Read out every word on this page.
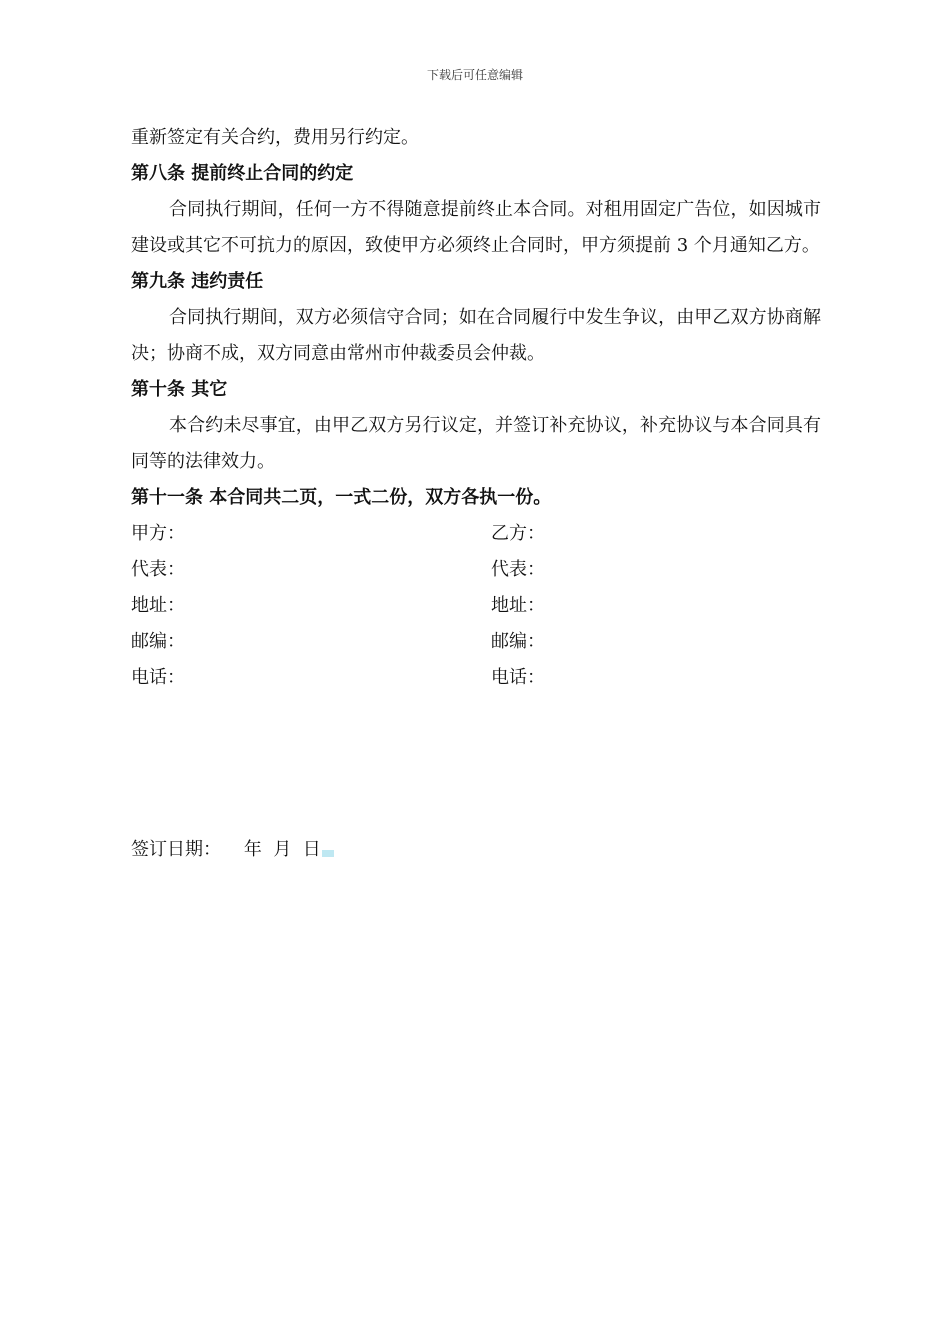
下载后可任意编辑

重新签定有关合约，费用另行约定。

第八条 提前终止合同的约定

合同执行期间，任何一方不得随意提前终止本合同。对租用固定广告位，如因城市建设或其它不可抗力的原因，致使甲方必须终止合同时，甲方须提前 3 个月通知乙方。

第九条 违约责任

合同执行期间，双方必须信守合同；如在合同履行中发生争议，由甲乙双方协商解决；协商不成，双方同意由常州市仲裁委员会仲裁。

第十条 其它

本合约未尽事宜，由甲乙双方另行议定，并签订补充协议，补充协议与本合同具有同等的法律效力。

第十一条 本合同共二页，一式二份，双方各执一份。

甲方：	乙方：
代表：	代表：
地址：	地址：
邮编：	邮编：
电话：	电话：
签订日期： 年  月  日
